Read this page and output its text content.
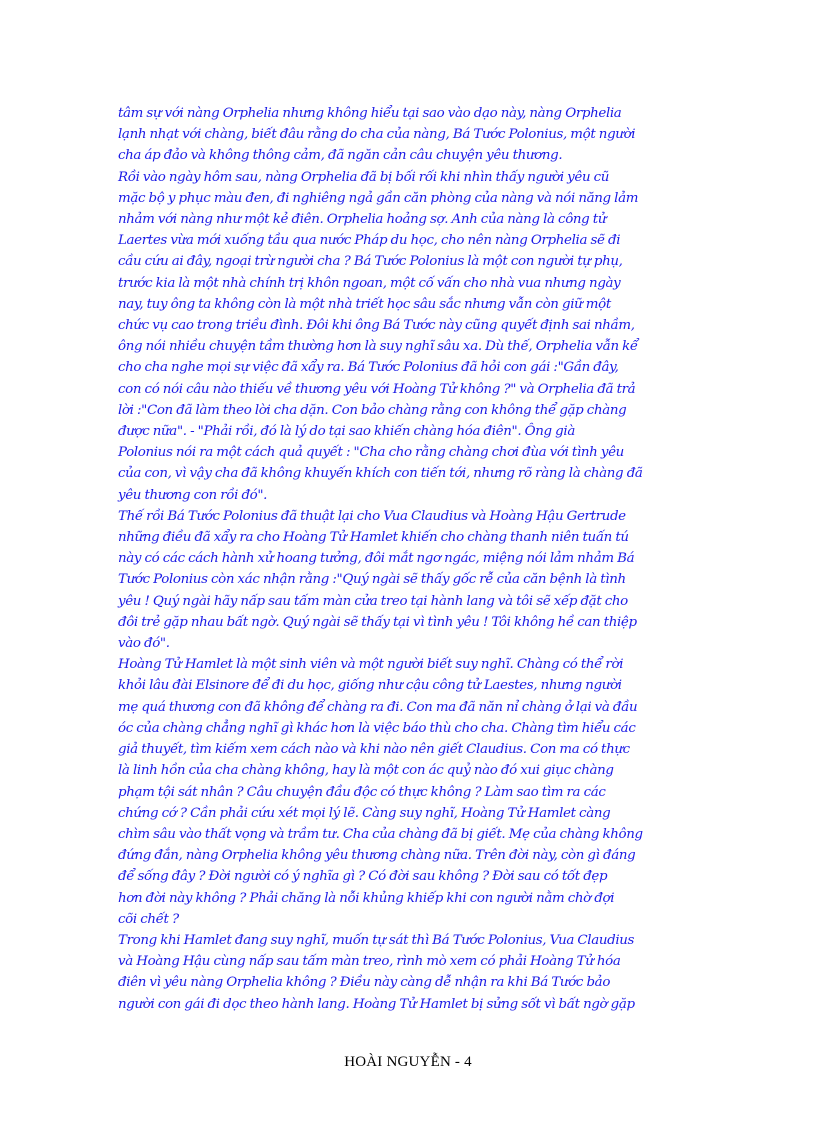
tâm sự với nàng Orphelia nhưng không hiểu tại sao vào dạo này, nàng Orphelia
lạnh nhạt với chàng, biết đâu rằng do cha của nàng, Bá Tước Polonius, một người
cha áp đảo và không thông cảm, đã ngăn cản câu chuyện yêu thương.
Rồi vào ngày hôm sau, nàng Orphelia đã bị bối rối khi nhìn thấy người yêu cũ
mặc bộ y phục màu đen, đi nghiêng ngả gần căn phòng của nàng và nói năng lảm
nhảm với nàng như một kẻ điên. Orphelia hoảng sợ. Anh của nàng là công tử
Laertes vừa mới xuống tầu qua nước Pháp du học, cho nên nàng Orphelia sẽ đi
cầu cứu ai đây, ngoại trừ người cha ? Bá Tước Polonius là một con người tự phụ,
trước kia là một nhà chính trị khôn ngoan, một cố vấn cho nhà vua nhưng ngày
nay, tuy ông ta không còn là một nhà triết học sâu sắc nhưng vẫn còn giữ một
chức vụ cao trong triều đình. Đôi khi ông Bá Tước này cũng quyết định sai nhầm,
ông nói nhiều chuyện tầm thường hơn là suy nghĩ sâu xa. Dù thế, Orphelia vẫn kể
cho cha nghe mọi sự việc đã xẩy ra. Bá Tước Polonius đã hỏi con gái :"Gần đây,
con có nói câu nào thiếu về thương yêu với Hoàng Tử không ?" và Orphelia đã trả
lời :"Con đã làm theo lời cha dặn. Con bảo chàng rằng con không thể gặp chàng
được nữa". - "Phải rồi, đó là lý do tại sao khiến chàng hóa điên". Ông già
Polonius nói ra một cách quả quyết : "Cha cho rằng chàng chơi đùa với tình yêu
của con, vì vậy cha đã không khuyến khích con tiến tới, nhưng rõ ràng là chàng đã
yêu thương con rồi đó".
Thế rồi Bá Tước Polonius đã thuật lại cho Vua Claudius và Hoàng Hậu Gertrude
những điều đã xẩy ra cho Hoàng Tử Hamlet khiến cho chàng thanh niên tuấn tú
này có các cách hành xử hoang tưởng, đôi mắt ngơ ngác, miệng nói lảm nhảm Bá
Tước Polonius còn xác nhận rằng :"Quý ngài sẽ thấy gốc rễ của căn bệnh là tình
yêu ! Quý ngài hãy nấp sau tấm màn cửa treo tại hành lang và tôi sẽ xếp đặt cho
đôi trẻ gặp nhau bất ngờ. Quý ngài sẽ thấy tại vì tình yêu ! Tôi không hề can thiệp
vào đó".
Hoàng Tử Hamlet là một sinh viên và một người biết suy nghĩ. Chàng có thể rời
khỏi lâu đài Elsinore để đi du học, giống như cậu công tử Laestes, nhưng người
mẹ quá thương con đã không để chàng ra đi. Con ma đã năn nỉ chàng ở lại và đầu
óc của chàng chẳng nghĩ gì khác hơn là việc báo thù cho cha. Chàng tìm hiểu các
giả thuyết, tìm kiếm xem cách nào và khi nào nên giết Claudius. Con ma có thực
là linh hồn của cha chàng không, hay là một con ác quỷ nào đó xui giục chàng
phạm tội sát nhân ? Câu chuyện đầu độc có thực không ? Làm sao tìm ra các
chứng cớ ? Cần phải cứu xét mọi lý lẽ. Càng suy nghĩ, Hoàng Tử Hamlet càng
chìm sâu vào thất vọng và trầm tư. Cha của chàng đã bị giết. Mẹ của chàng không
đứng đắn, nàng Orphelia không yêu thương chàng nữa. Trên đời này, còn gì đáng
để sống đây ? Đời người có ý nghĩa gì ? Có đời sau không ? Đời sau có tốt đẹp
hơn đời này không ? Phải chăng là nỗi khủng khiếp khi con người nằm chờ đợi
cõi chết ?
Trong khi Hamlet đang suy nghĩ, muốn tự sát thì Bá Tước Polonius, Vua Claudius
và Hoàng Hậu cùng nấp sau tấm màn treo, rình mò xem có phải Hoàng Tử hóa
điên vì yêu nàng Orphelia không ? Điều này càng dễ nhận ra khi Bá Tước bảo
người con gái đi dọc theo hành lang. Hoàng Tử Hamlet bị sửng sốt vì bất ngờ gặp
HOÀI NGUYỄN - 4
